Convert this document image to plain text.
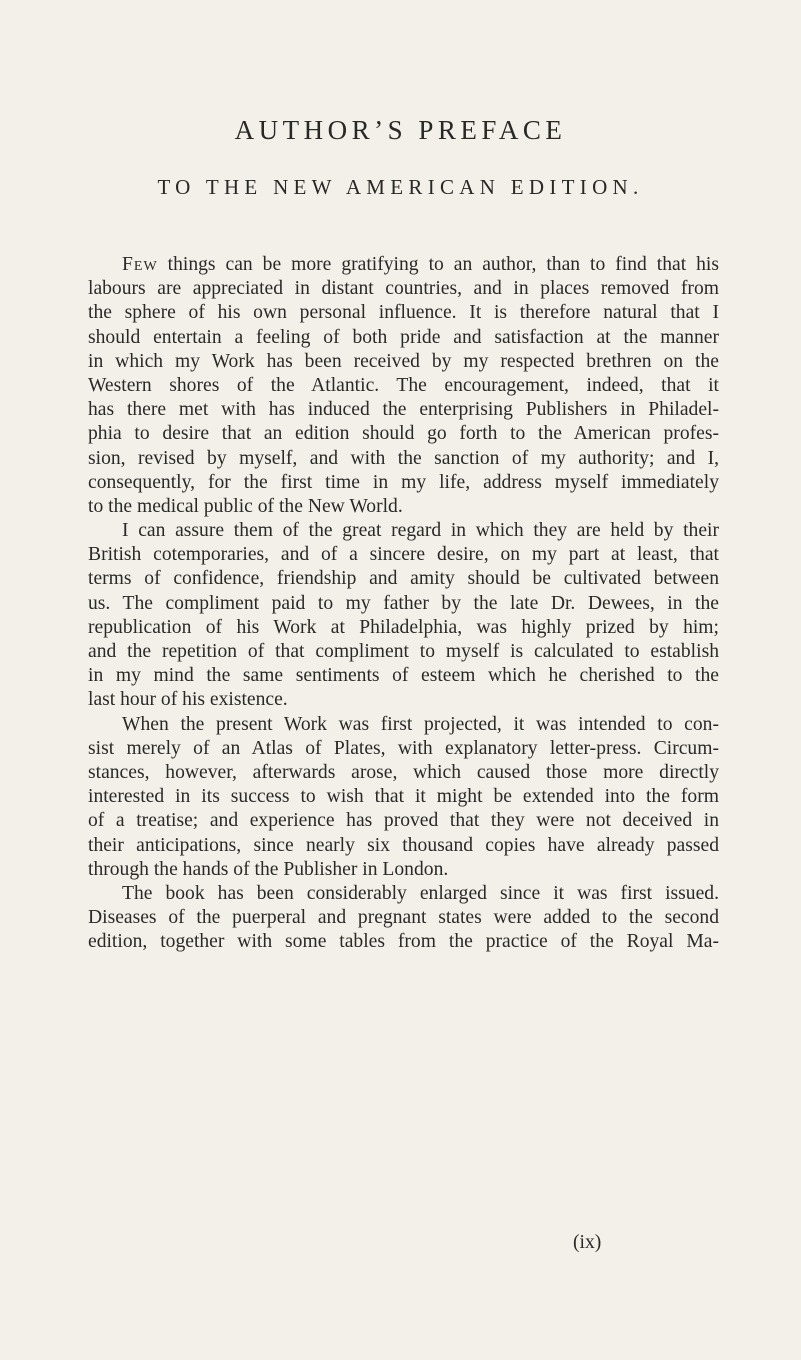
AUTHOR’S PREFACE
TO THE NEW AMERICAN EDITION.
Few things can be more gratifying to an author, than to find that his
labours are appreciated in distant countries, and in places removed from
the sphere of his own personal influence. It is therefore natural that I
should entertain a feeling of both pride and satisfaction at the manner
in which my Work has been received by my respected brethren on the
Western shores of the Atlantic. The encouragement, indeed, that it
has there met with has induced the enterprising Publishers in Philadel-
phia to desire that an edition should go forth to the American profes-
sion, revised by myself, and with the sanction of my authority; and I,
consequently, for the first time in my life, address myself immediately
to the medical public of the New World.
I can assure them of the great regard in which they are held by their
British cotemporaries, and of a sincere desire, on my part at least, that
terms of confidence, friendship and amity should be cultivated between
us. The compliment paid to my father by the late Dr. Dewees, in the
republication of his Work at Philadelphia, was highly prized by him;
and the repetition of that compliment to myself is calculated to establish
in my mind the same sentiments of esteem which he cherished to the
last hour of his existence.
When the present Work was first projected, it was intended to con-
sist merely of an Atlas of Plates, with explanatory letter-press. Circum-
stances, however, afterwards arose, which caused those more directly
interested in its success to wish that it might be extended into the form
of a treatise; and experience has proved that they were not deceived in
their anticipations, since nearly six thousand copies have already passed
through the hands of the Publisher in London.
The book has been considerably enlarged since it was first issued.
Diseases of the puerperal and pregnant states were added to the second
edition, together with some tables from the practice of the Royal Ma-
(ix)
